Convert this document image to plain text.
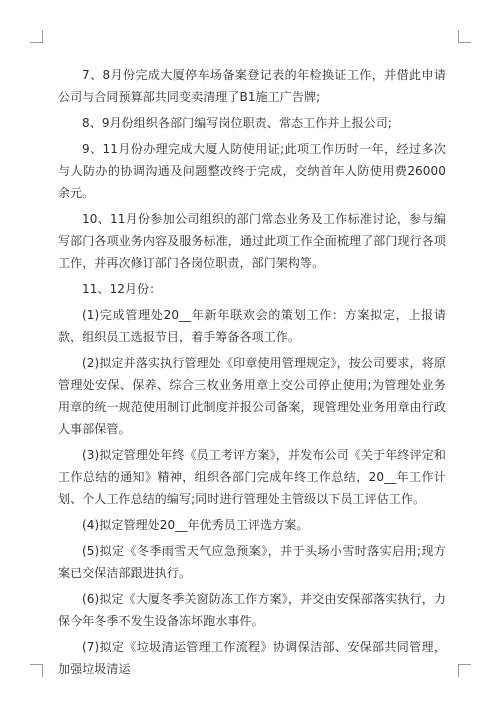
7、8月份完成大厦停车场备案登记表的年检换证工作，并借此申请公司与合同预算部共同变卖清理了B1施工广告牌;

8、9月份组织各部门编写岗位职责、常态工作并上报公司;

9、11月份办理完成大厦人防使用证;此项工作历时一年，经过多次与人防办的协调沟通及问题整改终于完成，交纳首年人防使用费26000余元。

10、11月份参加公司组织的部门常态业务及工作标准讨论，参与编写部门各项业务内容及服务标准，通过此项工作全面梳理了部门现行各项工作，并再次修订部门各岗位职责，部门架构等。

11、12月份：

(1)完成管理处20__年新年联欢会的策划工作：方案拟定，上报请款，组织员工选报节目，着手筹备各项工作。

(2)拟定并落实执行管理处《印章使用管理规定》，按公司要求，将原管理处安保、保养、综合三枚业务用章上交公司停止使用;为管理处业务用章的统一规范使用制订此制度并报公司备案，现管理处业务用章由行政人事部保管。

(3)拟定管理处年终《员工考评方案》，并发布公司《关于年终评定和工作总结的通知》精神，组织各部门完成年终工作总结，20__年工作计划、个人工作总结的编写;同时进行管理处主管级以下员工评估工作。

(4)拟定管理处20__年优秀员工评选方案。

(5)拟定《冬季雨雪天气应急预案》，并于头场小雪时落实启用;现方案已交保洁部跟进执行。

(6)拟定《大厦冬季关窗防冻工作方案》，并交由安保部落实执行，力保今年冬季不发生设备冻坏跑水事件。

(7)拟定《垃圾清运管理工作流程》协调保洁部、安保部共同管理，加强垃圾清运
